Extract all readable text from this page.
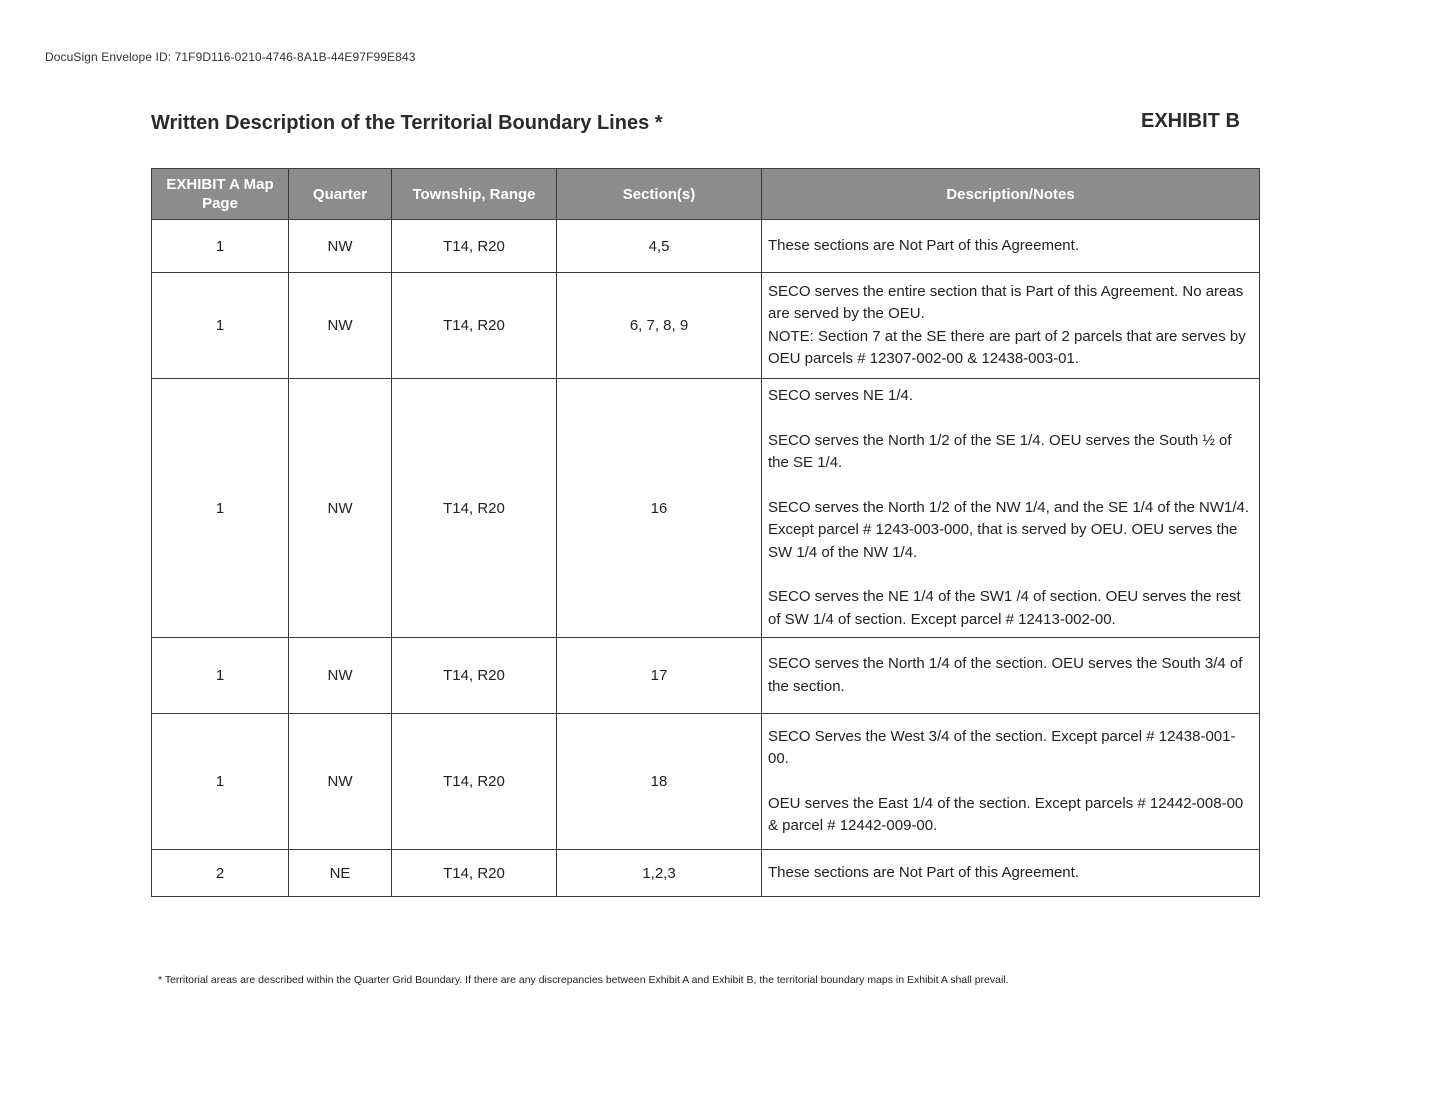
DocuSign Envelope ID: 71F9D116-0210-4746-8A1B-44E97F99E843
Written Description of the Territorial Boundary Lines *	EXHIBIT B
EXHIBIT A Map Page	Quarter	Township, Range	Section(s)	Description/Notes
1	NW	T14, R20	4,5	These sections are Not Part of this Agreement.

1	NW	T14, R20	6, 7, 8, 9	SECO serves the entire section that is Part of this Agreement. No areas are served by the OEU.
NOTE: Section 7 at the SE there are part of 2 parcels that are serves by OEU parcels # 12307-002-00 & 12438-003-01.

1	NW	T14, R20	16	SECO serves NE 1/4.
SECO serves the North 1/2 of the SE 1/4. OEU serves the South ½ of the SE 1/4.
SECO serves the North 1/2 of the NW 1/4, and the SE 1/4 of the NW1/4. Except parcel # 1243-003-000, that is served by OEU. OEU serves the SW 1/4 of the NW 1/4.
SECO serves the NE 1/4 of the SW1 /4 of section. OEU serves the rest of SW 1/4 of section. Except parcel # 12413-002-00.

1	NW	T14, R20	17	SECO serves the North 1/4 of the section. OEU serves the South 3/4 of the section.

1	NW	T14, R20	18	SECO Serves the West 3/4 of the section. Except parcel # 12438-001-00.
OEU serves the East 1/4 of the section. Except parcels # 12442-008-00 & parcel # 12442-009-00.

2	NE	T14, R20	1,2,3	These sections are Not Part of this Agreement.
* Territorial areas are described within the Quarter Grid Boundary. If there are any discrepancies between Exhibit A and Exhibit B, the territorial boundary maps in Exhibit A shall prevail.
